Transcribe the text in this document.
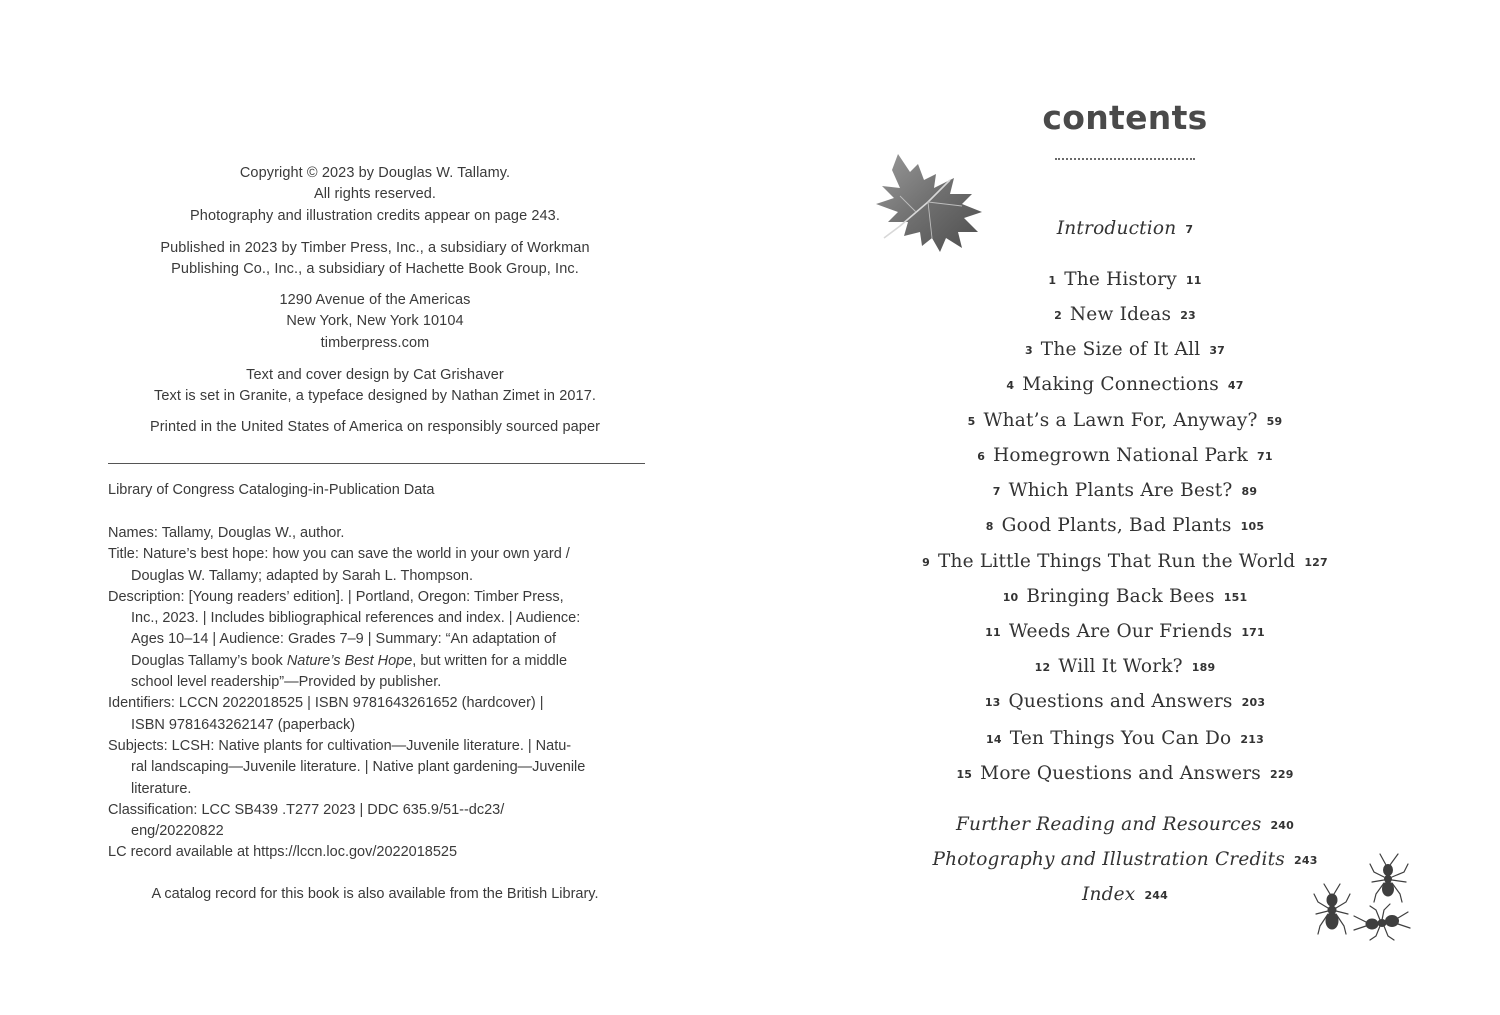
Copyright © 2023 by Douglas W. Tallamy.
All rights reserved.
Photography and illustration credits appear on page 243.
Published in 2023 by Timber Press, Inc., a subsidiary of Workman
Publishing Co., Inc., a subsidiary of Hachette Book Group, Inc.
1290 Avenue of the Americas
New York, New York 10104
timberpress.com
Text and cover design by Cat Grishaver
Text is set in Granite, a typeface designed by Nathan Zimet in 2017.
Printed in the United States of America on responsibly sourced paper
Library of Congress Cataloging-in-Publication Data
Names: Tallamy, Douglas W., author.
Title: Nature’s best hope: how you can save the world in your own yard /
Douglas W. Tallamy; adapted by Sarah L. Thompson.
Description: [Young readers’ edition]. | Portland, Oregon: Timber Press,
Inc., 2023. | Includes bibliographical references and index. | Audience:
Ages 10–14 | Audience: Grades 7–9 | Summary: “An adaptation of
Douglas Tallamy’s book Nature’s Best Hope, but written for a middle
school level readership”—Provided by publisher.
Identifiers: LCCN 2022018525 | ISBN 9781643261652 (hardcover) |
ISBN 9781643262147 (paperback)
Subjects: LCSH: Native plants for cultivation—Juvenile literature. | Natu-
ral landscaping—Juvenile literature. | Native plant gardening—Juvenile
literature.
Classification: LCC SB439 .T277 2023 | DDC 635.9/51--dc23/
eng/20220822
LC record available at https://lccn.loc.gov/2022018525
A catalog record for this book is also available from the British Library.
contents
Introduction 7
1 The History 11
2 New Ideas 23
3 The Size of It All 37
4 Making Connections 47
5 What’s a Lawn For, Anyway? 59
6 Homegrown National Park 71
7 Which Plants Are Best? 89
8 Good Plants, Bad Plants 105
9 The Little Things That Run the World 127
10 Bringing Back Bees 151
11 Weeds Are Our Friends 171
12 Will It Work? 189
13 Questions and Answers 203
14 Ten Things You Can Do 213
15 More Questions and Answers 229
Further Reading and Resources 240
Photography and Illustration Credits 243
Index 244
